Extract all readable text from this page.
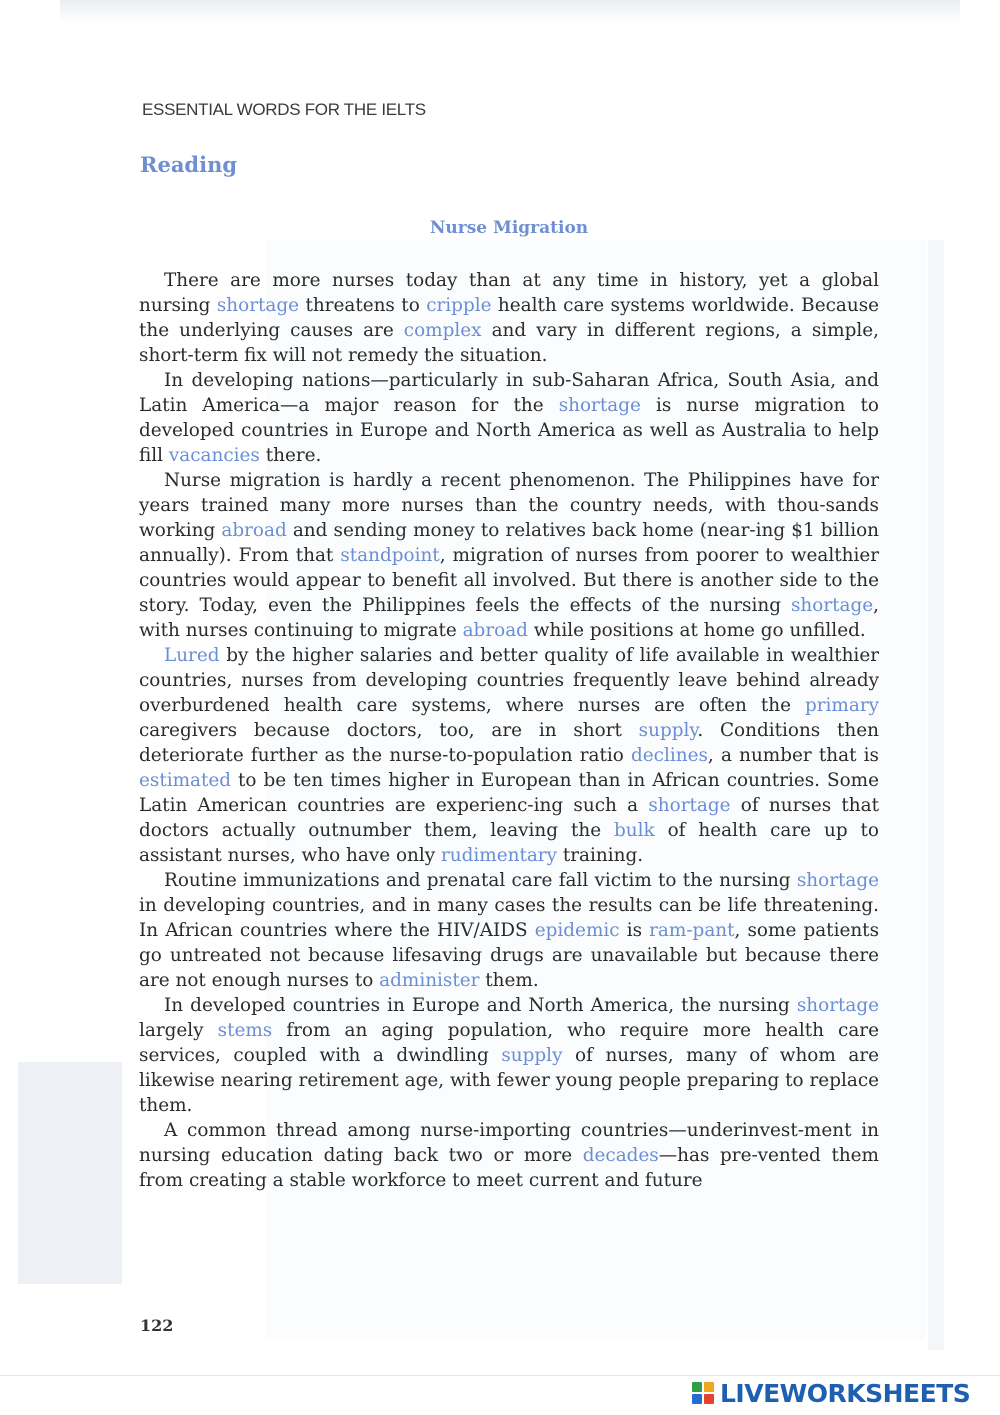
ESSENTIAL WORDS FOR THE IELTS
Reading
Nurse Migration

There are more nurses today than at any time in history, yet a global nursing shortage threatens to cripple health care systems worldwide. Because the underlying causes are complex and vary in different regions, a simple, short-term fix will not remedy the situation.

In developing nations—particularly in sub-Saharan Africa, South Asia, and Latin America—a major reason for the shortage is nurse migration to developed countries in Europe and North America as well as Australia to help fill vacancies there.

Nurse migration is hardly a recent phenomenon. The Philippines have for years trained many more nurses than the country needs, with thou-sands working abroad and sending money to relatives back home (near-ing $1 billion annually). From that standpoint, migration of nurses from poorer to wealthier countries would appear to benefit all involved. But there is another side to the story. Today, even the Philippines feels the effects of the nursing shortage, with nurses continuing to migrate abroad while positions at home go unfilled.

Lured by the higher salaries and better quality of life available in wealthier countries, nurses from developing countries frequently leave behind already overburdened health care systems, where nurses are often the primary caregivers because doctors, too, are in short supply. Conditions then deteriorate further as the nurse-to-population ratio declines, a number that is estimated to be ten times higher in European than in African countries. Some Latin American countries are experienc-ing such a shortage of nurses that doctors actually outnumber them, leaving the bulk of health care up to assistant nurses, who have only rudimentary training.

Routine immunizations and prenatal care fall victim to the nursing shortage in developing countries, and in many cases the results can be life threatening. In African countries where the HIV/AIDS epidemic is ram-pant, some patients go untreated not because lifesaving drugs are unavailable but because there are not enough nurses to administer them.

In developed countries in Europe and North America, the nursing shortage largely stems from an aging population, who require more health care services, coupled with a dwindling supply of nurses, many of whom are likewise nearing retirement age, with fewer young people preparing to replace them.

A common thread among nurse-importing countries—underinvest-ment in nursing education dating back two or more decades—has pre-vented them from creating a stable workforce to meet current and future

122
LIVEWORKSHEETS
